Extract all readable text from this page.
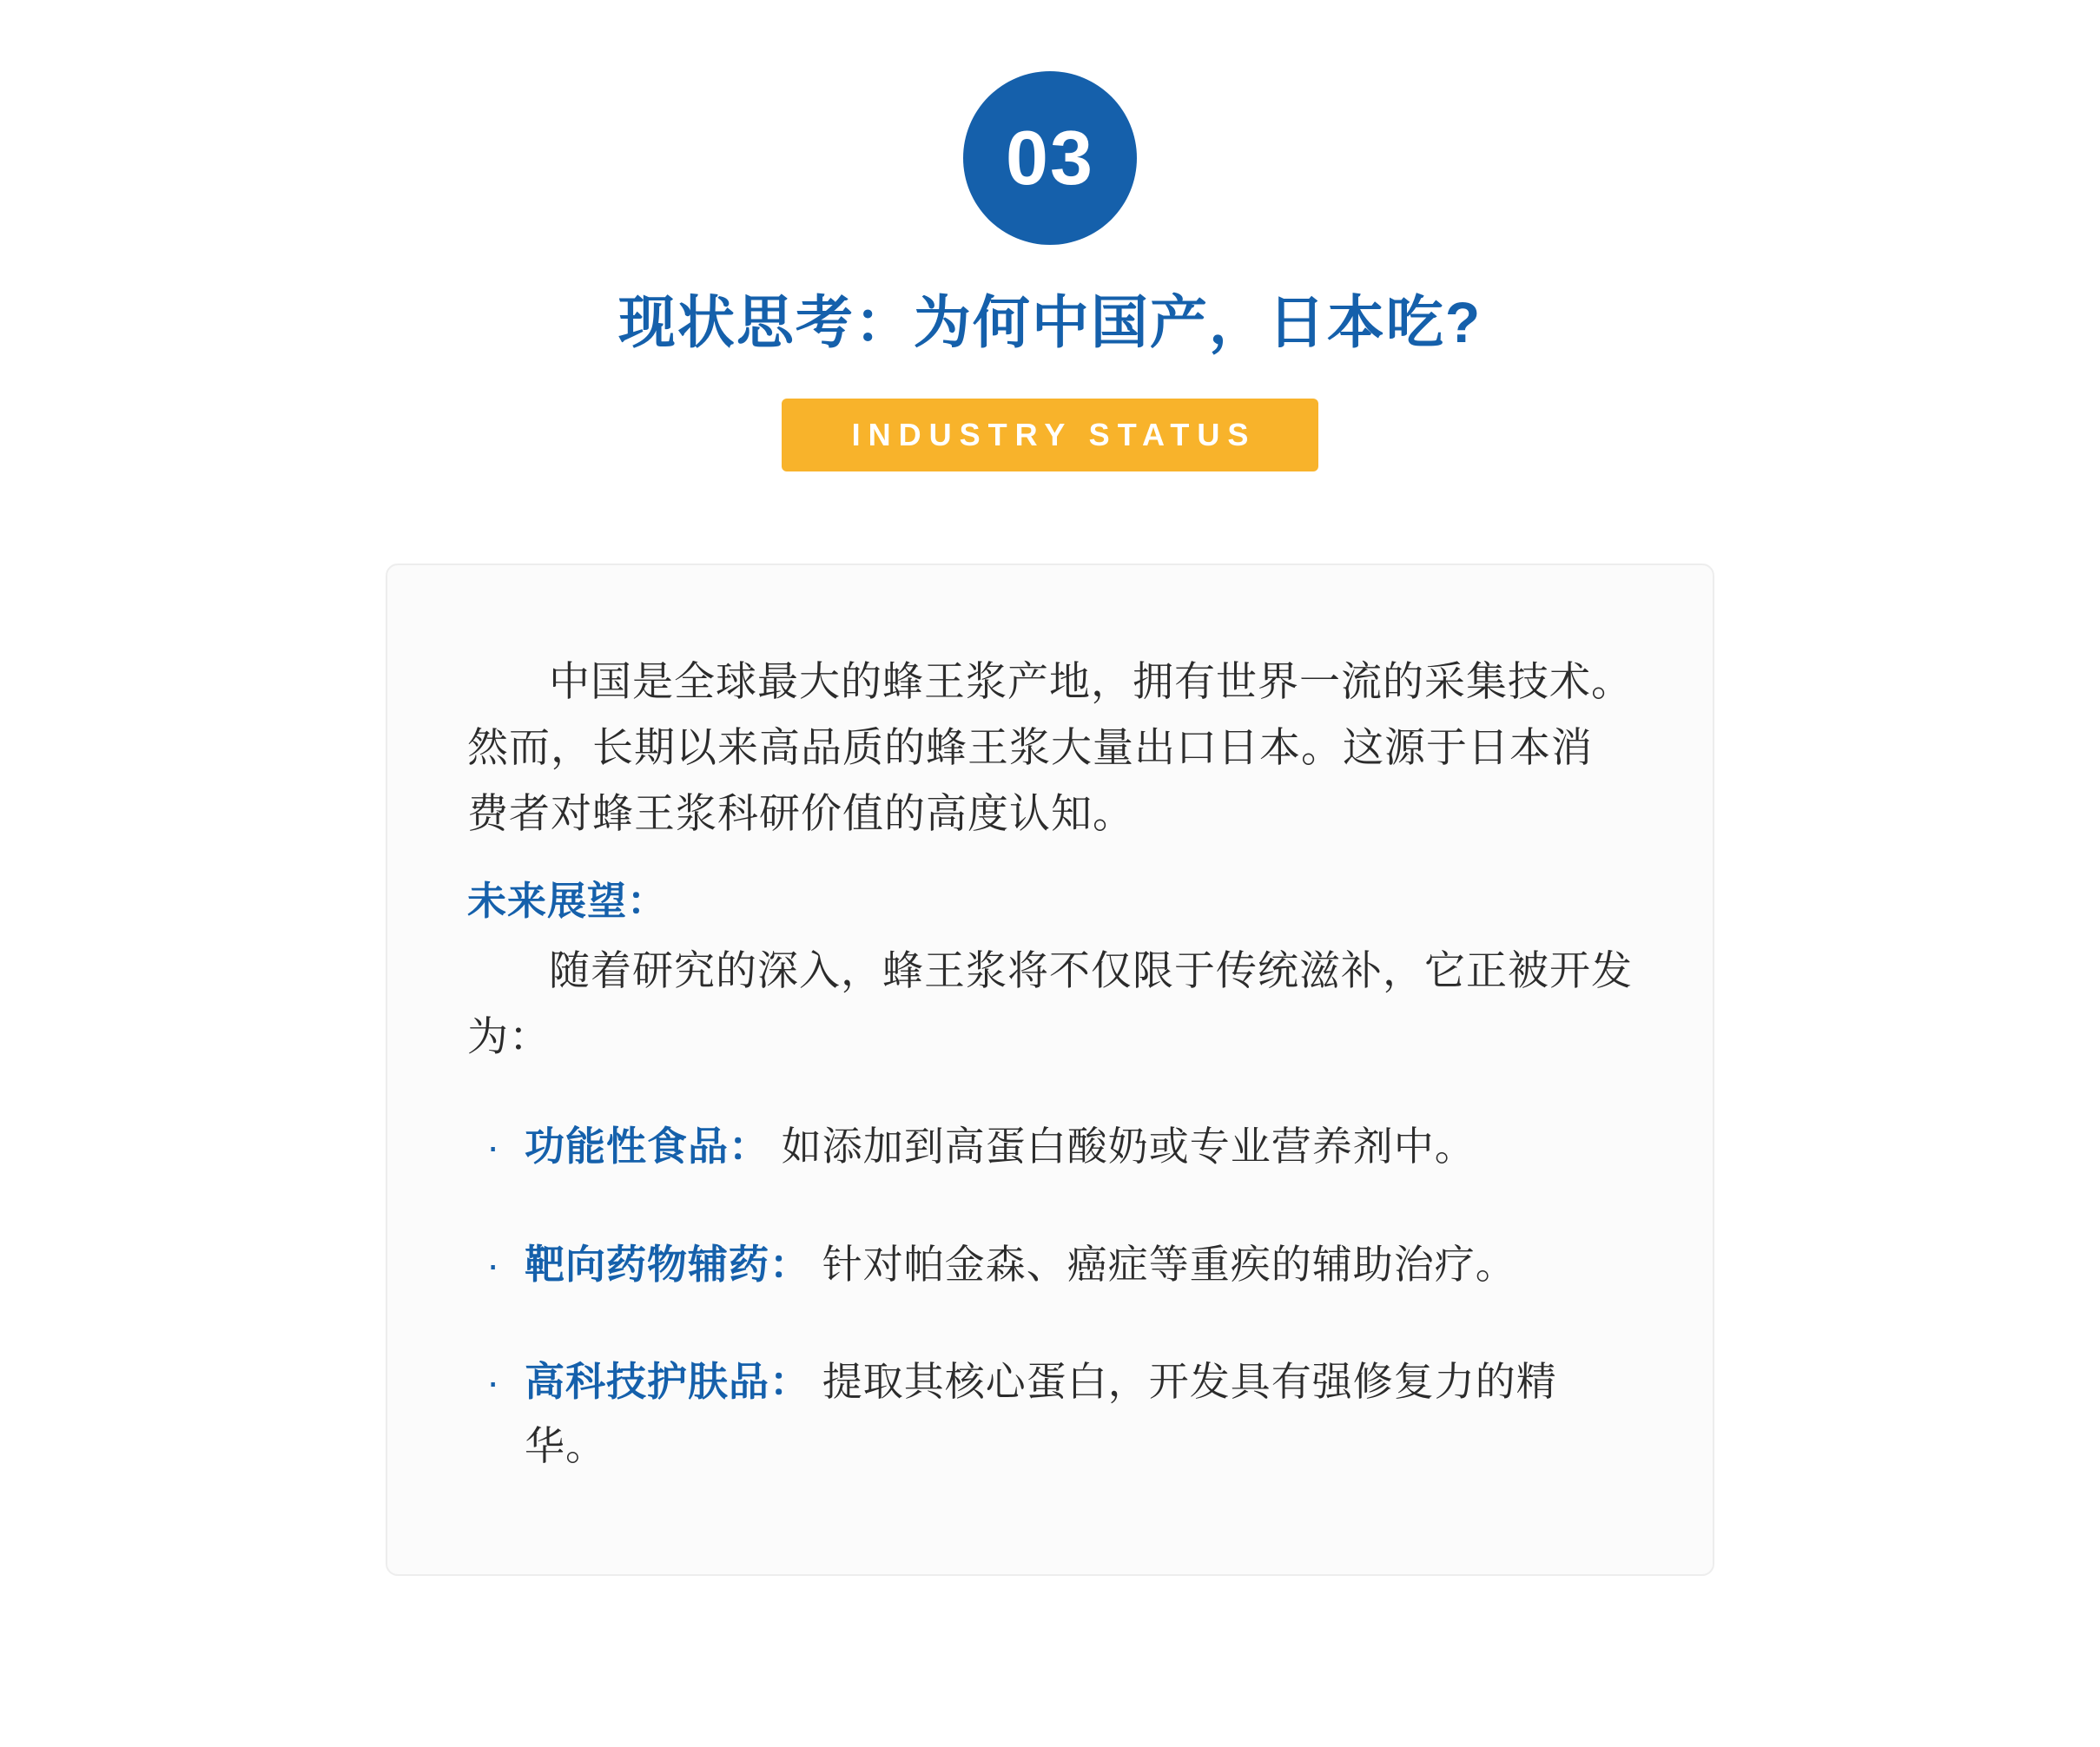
03
现状思考：为何中国产，日本吃?
INDUSTRY STATUS

中国是全球最大的蜂王浆产地，拥有世界一流的采集技术。然而，长期以来高品质的蜂王浆大量出口日本。这源于日本消费者对蜂王浆科研价值的高度认知。

未来展望：

随着研究的深入，蜂王浆将不仅限于传统滋补，它正被开发为：

· 功能性食品： 如添加到高蛋白酸奶或专业营养剂中。
· 靶向药物辅药： 针对帕金森、癌症等重疾的辅助治疗。
· 高科技护肤品： 提取其核心蛋白，开发具有强修复力的精华。
